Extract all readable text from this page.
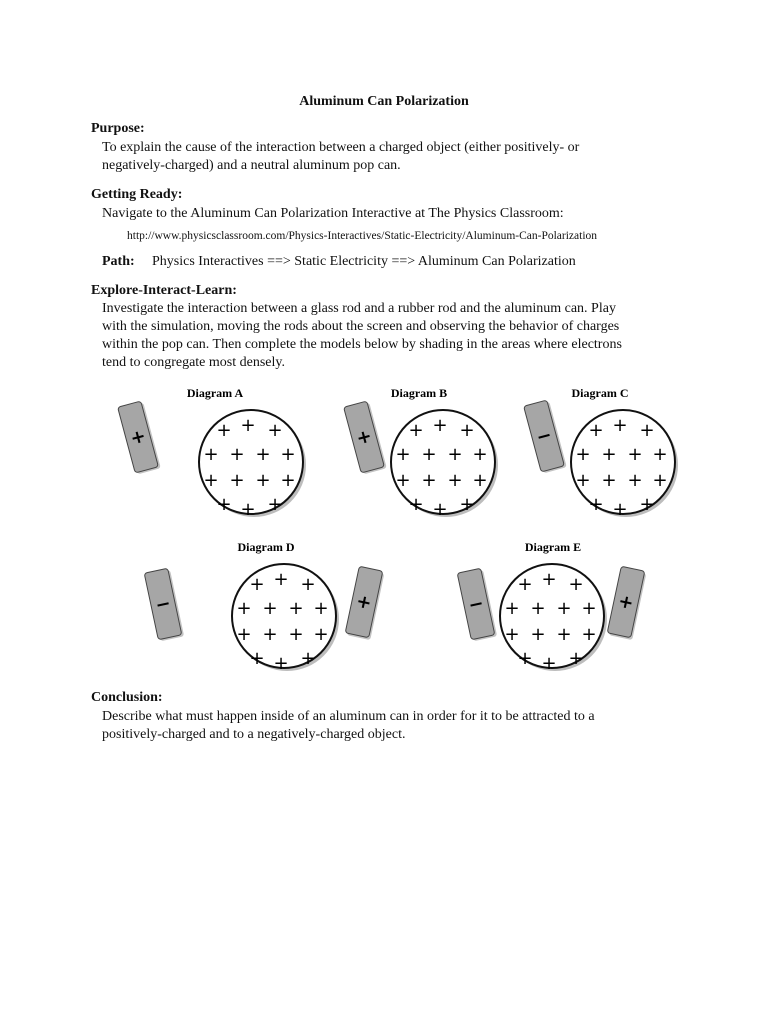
Aluminum Can Polarization
Purpose:
To explain the cause of the interaction between a charged object (either positively- or
negatively-charged) and a neutral aluminum pop can.
Getting Ready:
Navigate to the Aluminum Can Polarization Interactive at The Physics Classroom:
http://www.physicsclassroom.com/Physics-Interactives/Static-Electricity/Aluminum-Can-Polarization
Path: Physics Interactives ==> Static Electricity ==> Aluminum Can Polarization
Explore-Interact-Learn:
Investigate the interaction between a glass rod and a rubber rod and the aluminum can. Play
with the simulation, moving the rods about the screen and observing the behavior of charges
within the pop can. Then complete the models below by shading in the areas where electrons
tend to congregate most densely.
Diagram A
+ + +
+ + + +
+ + + +
+ + +
+
Diagram B
+ + +
+ + + +
+ + + +
+ + +
+
Diagram C
+ + +
+ + + +
+ + + +
+ + +
−
Diagram D
+ + +
+ + + +
+ + + +
+ + +
−	+
Diagram E
+ + +
+ + + +
+ + + +
+ + +
−	+
Conclusion:
Describe what must happen inside of an aluminum can in order for it to be attracted to a
positively-charged and to a negatively-charged object.
